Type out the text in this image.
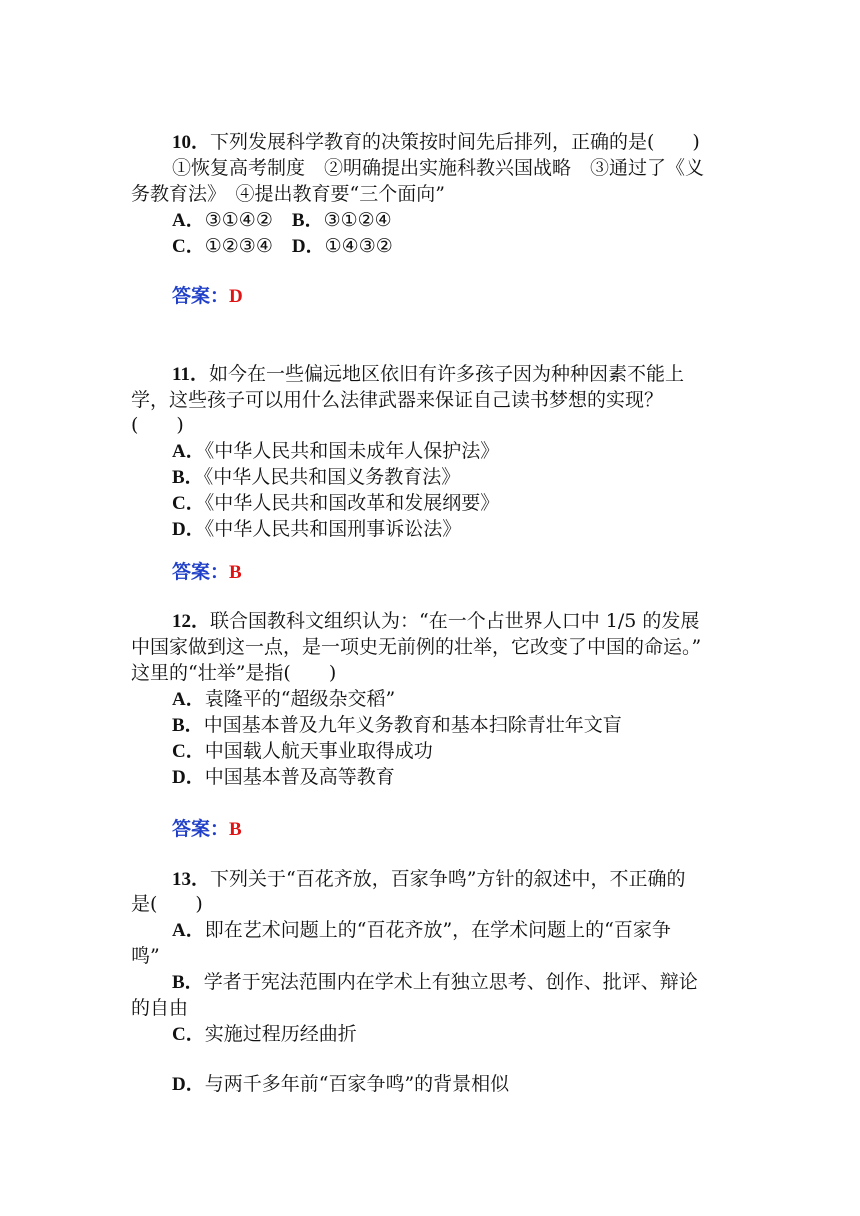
10．下列发展科学教育的决策按时间先后排列，正确的是(　　)
①恢复高考制度　②明确提出实施科教兴国战略　③通过了《义
务教育法》　④提出教育要“三个面向”
A．③①④②　 B．③①②④
C．①②③④　 D．①④③②
答案：D
11．如今在一些偏远地区依旧有许多孩子因为种种因素不能上
学，这些孩子可以用什么法律武器来保证自己读书梦想的实现？
(　　)
A．《中华人民共和国未成年人保护法》
B．《中华人民共和国义务教育法》
C．《中华人民共和国改革和发展纲要》
D．《中华人民共和国刑事诉讼法》
答案：B
12．联合国教科文组织认为：“在一个占世界人口中 1/5 的发展
中国家做到这一点，是一项史无前例的壮举，它改变了中国的命运。”
这里的“壮举”是指(　　)
A．袁隆平的“超级杂交稻”
B．中国基本普及九年义务教育和基本扫除青壮年文盲
C．中国载人航天事业取得成功
D．中国基本普及高等教育
答案：B
13．下列关于“百花齐放，百家争鸣”方针的叙述中，不正确的
是(　　)
A．即在艺术问题上的“百花齐放”，在学术问题上的“百家争
鸣”
B．学者于宪法范围内在学术上有独立思考、创作、批评、辩论
的自由
C．实施过程历经曲折
D．与两千多年前“百家争鸣”的背景相似
